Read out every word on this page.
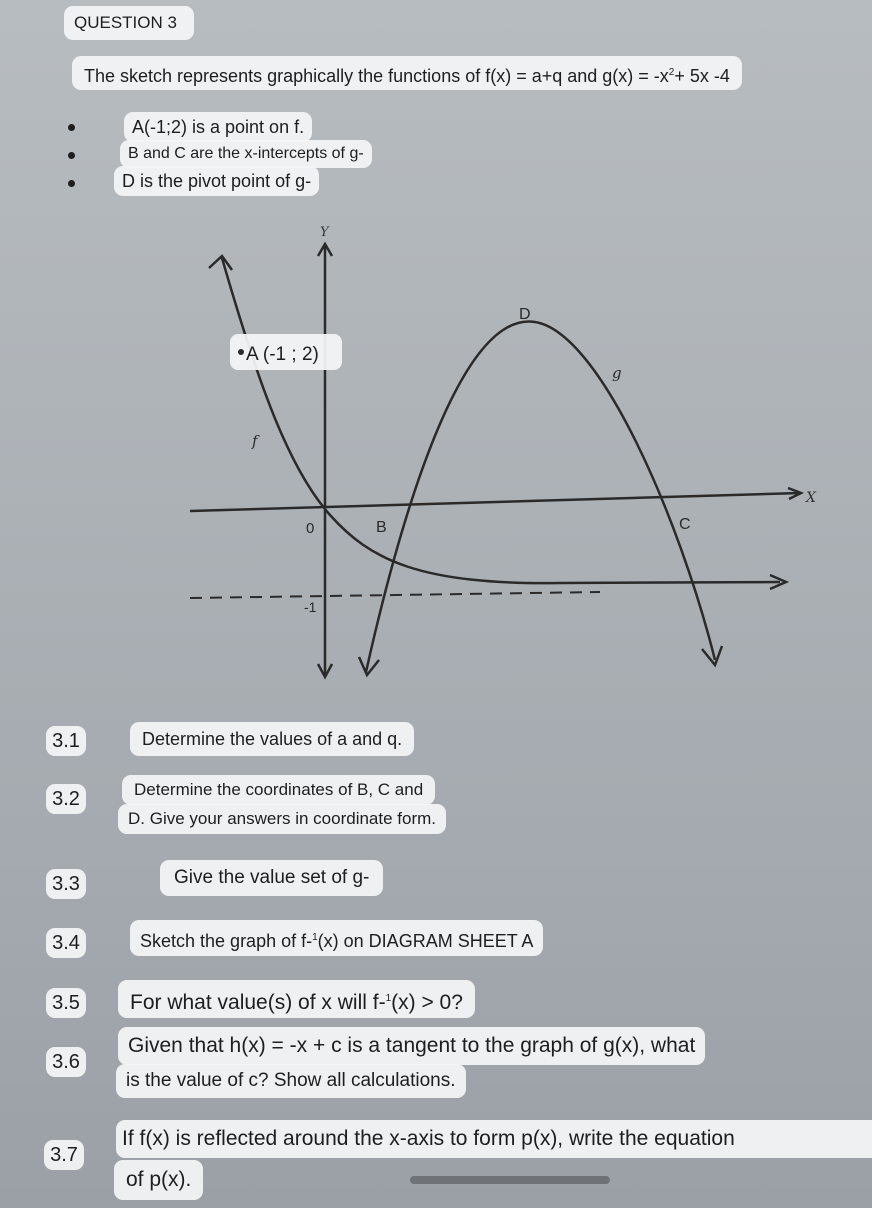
QUESTION 3
The sketch represents graphically the functions of f(x) = a+q and $g(x) = -x^2+ 5x$ -4
A(-1;2) is a point on f.
B and C are the x-intercepts of g-
D is the pivot point of g-
Y
X
A (-1 ; 2)
D
B	C
0
-1
f
g
3.1	Determine the values of a and q.
3.2	Determine the coordinates of B, C and
D. Give your answers in coordinate form.
3.3	Give the value set of g-
3.4	Sketch the graph of f-$^1$(x) on DIAGRAM SHEET A
3.5	For what value(s) of x will f-$^1$(x) > 0?
3.6
Given that h(x) = -x + c is a tangent to the graph of g(x), what
is the value of c? Show all calculations.
3.7
If f(x) is reflected around the x-axis to form p(x), write the equation
of p(x).
